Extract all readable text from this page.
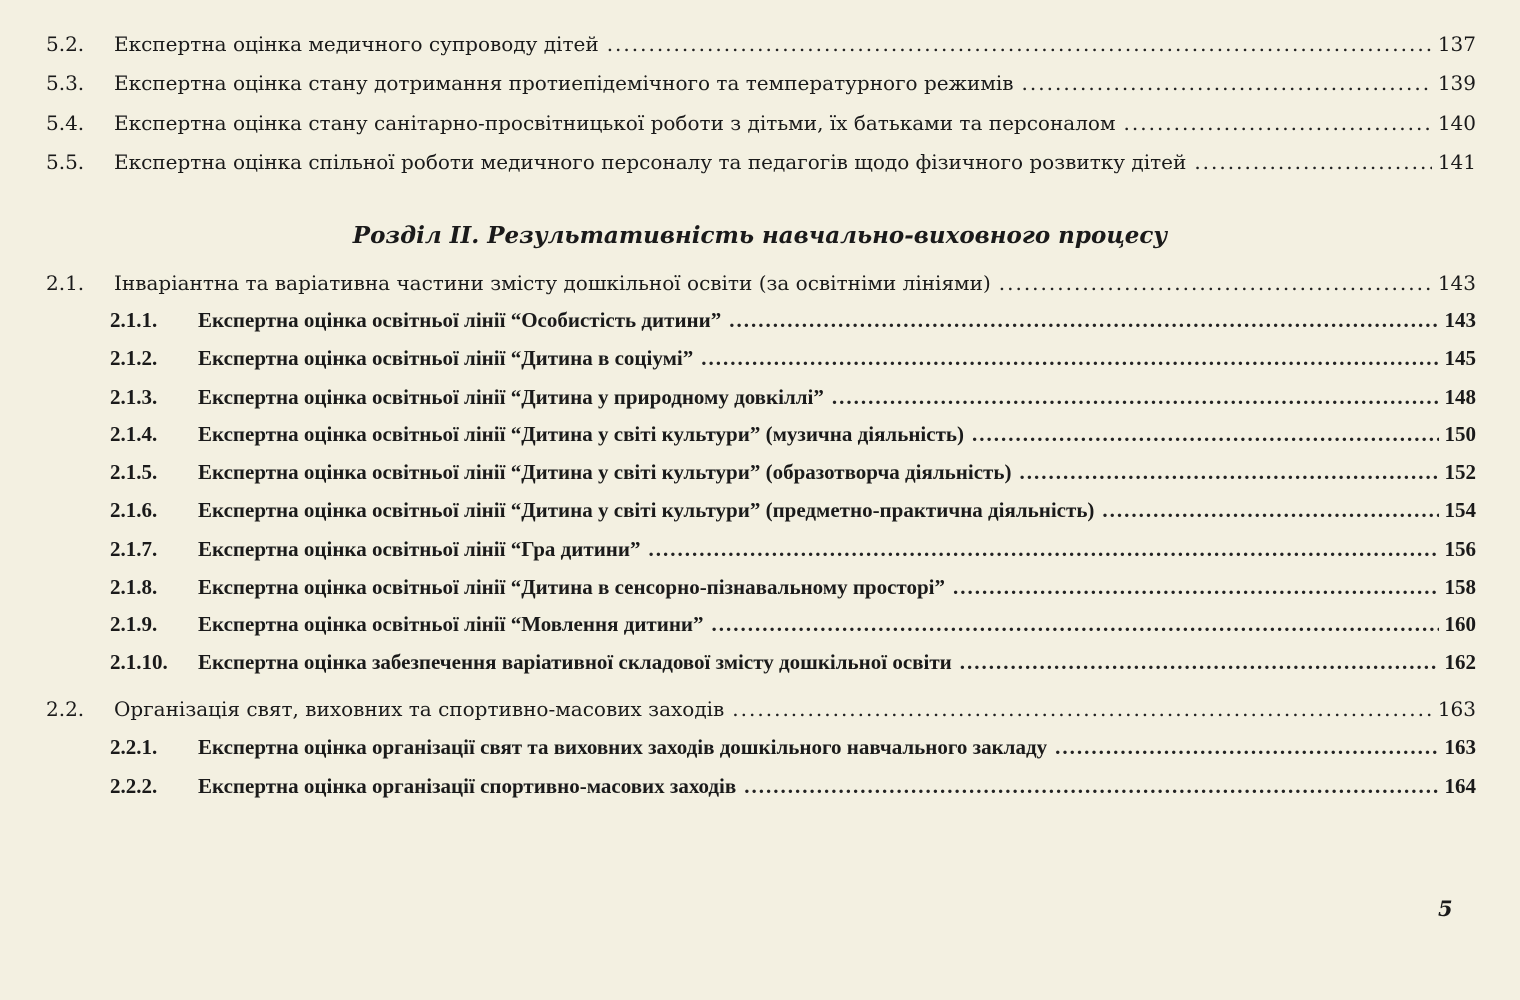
5.2.	Експертна оцінка медичного супроводу дітей .....	137
5.3.	Експертна оцінка стану дотримання протиепідемічного та температурного режимів .....	139
5.4.	Експертна оцінка стану санітарно-просвітницької роботи з дітьми, їх батьками та персоналом .....	140
5.5.	Експертна оцінка спільної роботи медичного персоналу та педагогів щодо фізичного розвитку дітей .....	141
Розділ ІІ. Результативність навчально-виховного процесу
2.1.	Інваріантна та варіативна частини змісту дошкільної освіти (за освітніми лініями) .....	143
2.1.1.	Експертна оцінка освітньої лінії “Особистість дитини” .....	143
2.1.2.	Експертна оцінка освітньої лінії “Дитина в соціумі” .....	145
2.1.3.	Експертна оцінка освітньої лінії “Дитина у природному довкіллі” .....	148
2.1.4.	Експертна оцінка освітньої лінії “Дитина у світі культури” (музична діяльність) .....	150
2.1.5.	Експертна оцінка освітньої лінії “Дитина у світі культури” (образотворча діяльність) .....	152
2.1.6.	Експертна оцінка освітньої лінії “Дитина у світі культури” (предметно-практична діяльність) .....	154
2.1.7.	Експертна оцінка освітньої лінії “Гра дитини” .....	156
2.1.8.	Експертна оцінка освітньої лінії “Дитина в сенсорно-пізнавальному просторі” .....	158
2.1.9.	Експертна оцінка освітньої лінії “Мовлення дитини” .....	160
2.1.10.	Експертна оцінка забезпечення варіативної складової змісту дошкільної освіти .....	162
2.2.	Організація свят, виховних та спортивно-масових заходів .....	163
2.2.1.	Експертна оцінка організації свят та виховних заходів дошкільного навчального закладу .....	163
2.2.2.	Експертна оцінка організації спортивно-масових заходів .....	164
5
